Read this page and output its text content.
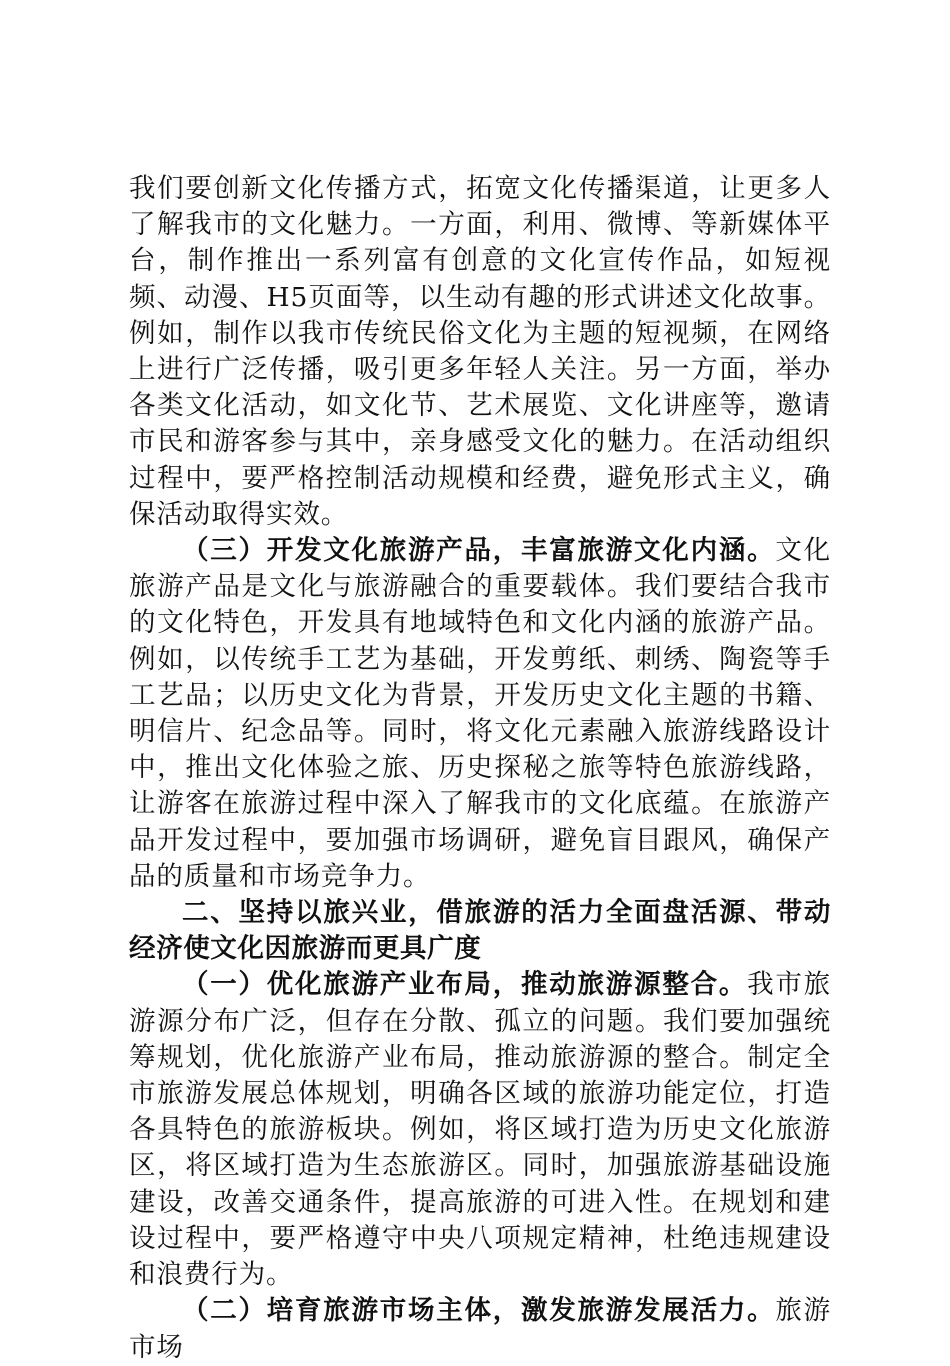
我们要创新文化传播方式，拓宽文化传播渠道，让更多人了解我市的文化魅力。一方面，利用、微博、等新媒体平台，制作推出一系列富有创意的文化宣传作品，如短视频、动漫、H5页面等，以生动有趣的形式讲述文化故事。例如，制作以我市传统民俗文化为主题的短视频，在网络上进行广泛传播，吸引更多年轻人关注。另一方面，举办各类文化活动，如文化节、艺术展览、文化讲座等，邀请市民和游客参与其中，亲身感受文化的魅力。在活动组织过程中，要严格控制活动规模和经费，避免形式主义，确保活动取得实效。

（三）开发文化旅游产品，丰富旅游文化内涵。文化旅游产品是文化与旅游融合的重要载体。我们要结合我市的文化特色，开发具有地域特色和文化内涵的旅游产品。例如，以传统手工艺为基础，开发剪纸、刺绣、陶瓷等手工艺品；以历史文化为背景，开发历史文化主题的书籍、明信片、纪念品等。同时，将文化元素融入旅游线路设计中，推出文化体验之旅、历史探秘之旅等特色旅游线路，让游客在旅游过程中深入了解我市的文化底蕴。在旅游产品开发过程中，要加强市场调研，避免盲目跟风，确保产品的质量和市场竞争力。

二、坚持以旅兴业，借旅游的活力全面盘活源、带动经济使文化因旅游而更具广度

（一）优化旅游产业布局，推动旅游源整合。我市旅游源分布广泛，但存在分散、孤立的问题。我们要加强统筹规划，优化旅游产业布局，推动旅游源的整合。制定全市旅游发展总体规划，明确各区域的旅游功能定位，打造各具特色的旅游板块。例如，将区域打造为历史文化旅游区，将区域打造为生态旅游区。同时，加强旅游基础设施建设，改善交通条件，提高旅游的可进入性。在规划和建设过程中，要严格遵守中央八项规定精神，杜绝违规建设和浪费行为。

（二）培育旅游市场主体，激发旅游发展活力。旅游市场
